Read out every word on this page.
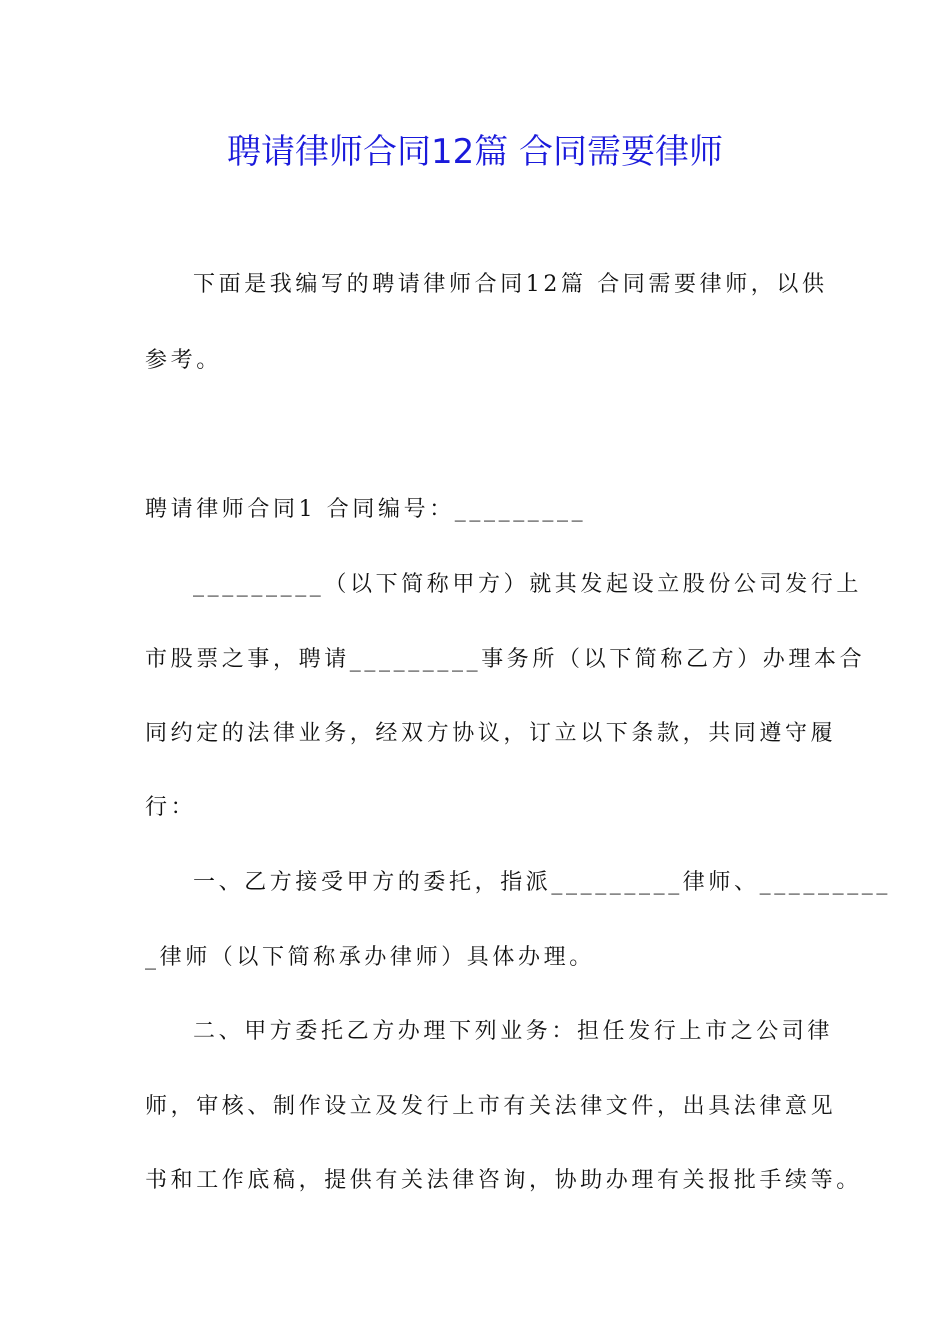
聘请律师合同12篇 合同需要律师
下面是我编写的聘请律师合同12篇 合同需要律师，以供
参考。
聘请律师合同1 合同编号：_________
_________（以下简称甲方）就其发起设立股份公司发行上
市股票之事，聘请_________事务所（以下简称乙方）办理本合
同约定的法律业务，经双方协议，订立以下条款，共同遵守履
行：
一、乙方接受甲方的委托，指派_________律师、_________
_律师（以下简称承办律师）具体办理。
二、甲方委托乙方办理下列业务：担任发行上市之公司律
师，审核、制作设立及发行上市有关法律文件，出具法律意见
书和工作底稿，提供有关法律咨询，协助办理有关报批手续等。
